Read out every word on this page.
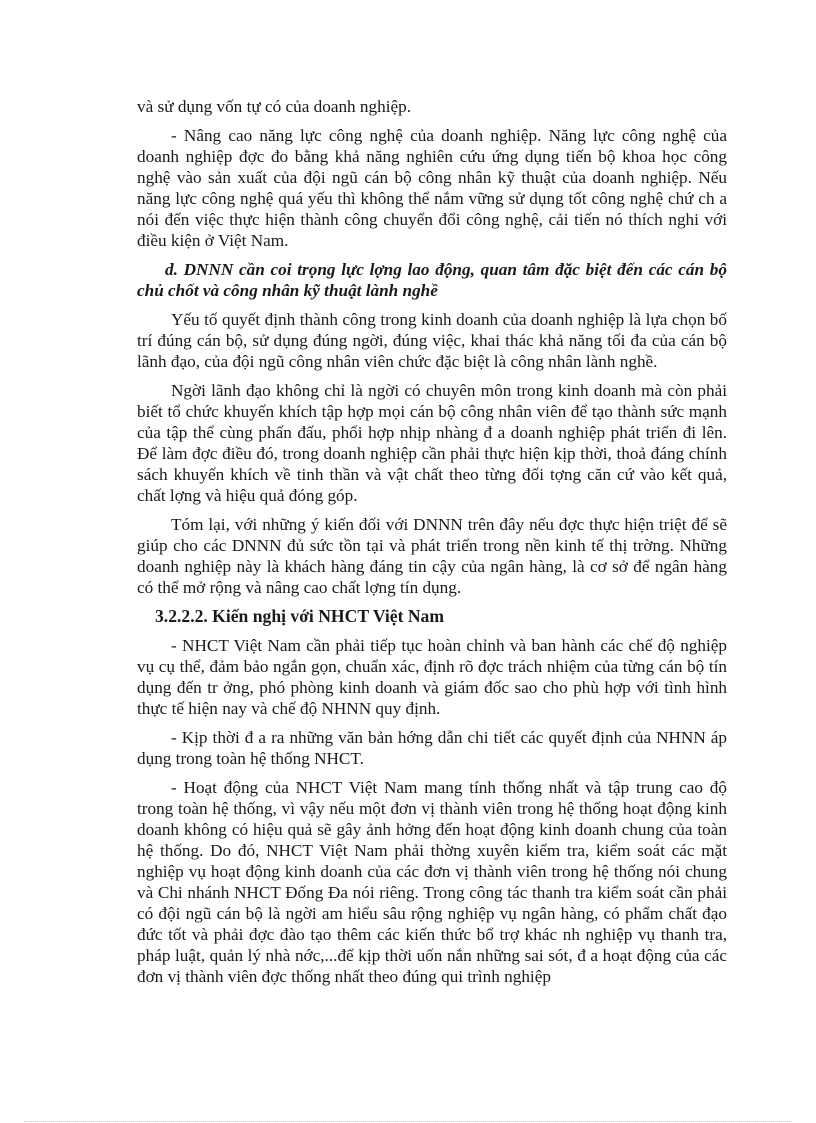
và sử dụng vốn tự có của doanh nghiệp.

- Nâng cao năng lực công nghệ của doanh nghiệp. Năng lực công nghệ của doanh nghiệp đợc đo bằng khả năng nghiên cứu ứng dụng tiến bộ khoa học công nghệ vào sản xuất của đội ngũ cán bộ công nhân kỹ thuật của doanh nghiệp. Nếu năng lực công nghệ quá yếu thì không thể nắm vững sử dụng tốt công nghệ chứ ch a nói đến việc thực hiện thành công chuyển đổi công nghệ, cải tiến nó thích nghi với điều kiện ở Việt Nam.

d. DNNN cần coi trọng lực lợng lao động, quan tâm đặc biệt đến các cán bộ chủ chốt và công nhân kỹ thuật lành nghề

Yếu tố quyết định thành công trong kinh doanh của doanh nghiệp là lựa chọn bố trí đúng cán bộ, sử dụng đúng ngời, đúng việc, khai thác khả năng tối đa của cán bộ lãnh đạo, của đội ngũ công nhân viên chức đặc biệt là công nhân lành nghề.

Ngời lãnh đạo không chỉ là ngời có chuyên môn trong kinh doanh mà còn phải biết tổ chức khuyến khích tập hợp mọi cán bộ công nhân viên để tạo thành sức mạnh của tập thể cùng phấn đấu, phối hợp nhịp nhàng đ a doanh nghiệp phát triển đi lên. Để làm đợc điều đó, trong doanh nghiệp cần phải thực hiện kịp thời, thoả đáng chính sách khuyến khích về tinh thần và vật chất theo từng đối tợng căn cứ vào kết quả, chất lợng và hiệu quả đóng góp.

Tóm lại, với những ý kiến đối với DNNN trên đây nếu đợc thực hiện triệt để sẽ giúp cho các DNNN đủ sức tồn tại và phát triển trong nền kinh tế thị trờng. Những doanh nghiệp này là khách hàng đáng tin cậy của ngân hàng, là cơ sở để ngân hàng có thể mở rộng và nâng cao chất lợng tín dụng.

3.2.2.2. Kiến nghị với NHCT Việt Nam

- NHCT Việt Nam cần phải tiếp tục hoàn chỉnh và ban hành các chế độ nghiệp vụ cụ thể, đảm bảo ngắn gọn, chuẩn xác, định rõ đợc trách nhiệm của từng cán bộ tín dụng đến tr ởng, phó phòng kinh doanh và giám đốc sao cho phù hợp với tình hình thực tế hiện nay và chế độ NHNN quy định.

- Kịp thời đ a ra những văn bản hớng dẫn chi tiết các quyết định của NHNN áp dụng trong toàn hệ thống NHCT.

- Hoạt động của NHCT Việt Nam mang tính thống nhất và tập trung cao độ trong toàn hệ thống, vì vậy nếu một đơn vị thành viên trong hệ thống hoạt động kinh doanh không có hiệu quả sẽ gây ảnh hởng đến hoạt động kinh doanh chung của toàn hệ thống. Do đó, NHCT Việt Nam phải thờng xuyên kiểm tra, kiểm soát các mặt nghiệp vụ hoạt động kinh doanh của các đơn vị thành viên trong hệ thống nói chung và Chi nhánh NHCT Đống Đa nói riêng. Trong công tác thanh tra kiểm soát cần phải có đội ngũ cán bộ là ngời am hiểu sâu rộng nghiệp vụ ngân hàng, có phẩm chất đạo đức tốt và phải đợc đào tạo thêm các kiến thức bổ trợ khác nh nghiệp vụ thanh tra, pháp luật, quản lý nhà nớc,...để kịp thời uốn nắn những sai sót, đ a hoạt động của các đơn vị thành viên đợc thống nhất theo đúng qui trình nghiệp
